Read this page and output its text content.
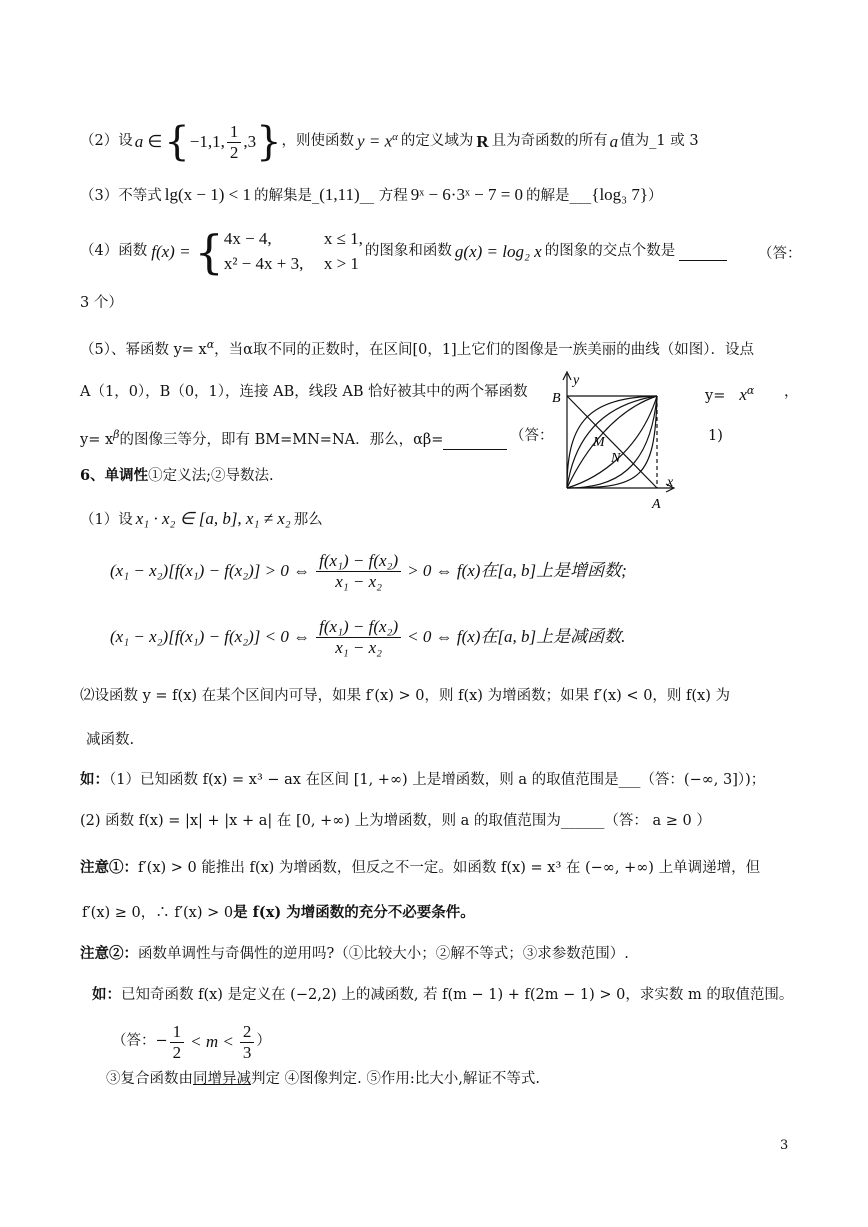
（2）设 a ∈ { −1,1, $\frac{1}{2} ,3$ } ，则使函数 $y = x^\alpha$ 的定义域为 R 且为奇函数的所有 a 值为_1 或 3
（3）不等式 lg(x − 1) < 1 的解集是_(1,11)__ 方程 9ˣ − 6·3ˣ − 7 = 0 的解是___{log₃ 7}）
（4）函数 f(x) = { 4x − 4,	x ≤ 1,
x² − 4x + 3, x > 1
的图象和函数 g(x) = log₂ x 的图象的交点个数是
	（答：
3 个）
（5）、幂函数 $y= x^\alpha$，当α取不同的正数时，在区间[0，1]上它们的图像是一族美丽的曲线（如图）．设点
A（1，0），B（0，1），连接 AB，线段 AB 恰好被其中的两个幂函数	$y= x^\alpha$ ，
$y= x^\beta$的图像三等分，即有 BM=MN=NA．那么，αβ=	（答：	1)
y
x
B
A
M
N
6、单调性①定义法;②导数法.
（1）设 x₁ · x₂ ∈ [a, b], x₁ ≠ x₂ 那么
(x₁ − x₂)[f(x₁) − f(x₂)] > 0 ⇔ $\frac{\text{f(x₁) − f(x₂)}}{\text{x₁ − x₂}} > 0$ ⇔ f(x)在[a, b]上是增函数;
(x₁ − x₂)[f(x₁) − f(x₂)] < 0 ⇔ $\frac{\text{f(x₁) − f(x₂)}}{\text{x₁ − x₂}} < 0$ ⇔ f(x)在[a, b]上是减函数.
⑵设函数 y = f(x) 在某个区间内可导，如果 f′(x) > 0，则 f(x) 为增函数；如果 f′(x) < 0，则 f(x) 为
减函数.
如：（1）已知函数 f(x) = x³ − ax 在区间 [1, +∞) 上是增函数，则 a 的取值范围是___（答：(−∞, 3]）)；
(2) 函数 f(x) = |x| + |x + a| 在 [0, +∞) 上为增函数，则 a 的取值范围为______（答： a ≥ 0 ）
注意①：f′(x) > 0 能推出 f(x) 为增函数，但反之不一定。如函数 f(x) = x³ 在 (−∞, +∞) 上单调递增，但
f′(x) ≥ 0，∴ f′(x) > 0是 f(x) 为增函数的充分不必要条件。
注意②：函数单调性与奇偶性的逆用吗?（①比较大小；②解不等式；③求参数范围）.
如：已知奇函数 f(x) 是定义在 (−2,2) 上的减函数, 若 f(m − 1) + f(2m − 1) > 0，求实数 m 的取值范围。
（答：− $\frac{1}{2} < m < \frac{2}{3}$ ）
③复合函数由同增异减判定 ④图像判定. ⑤作用:比大小,解证不等式.
3
